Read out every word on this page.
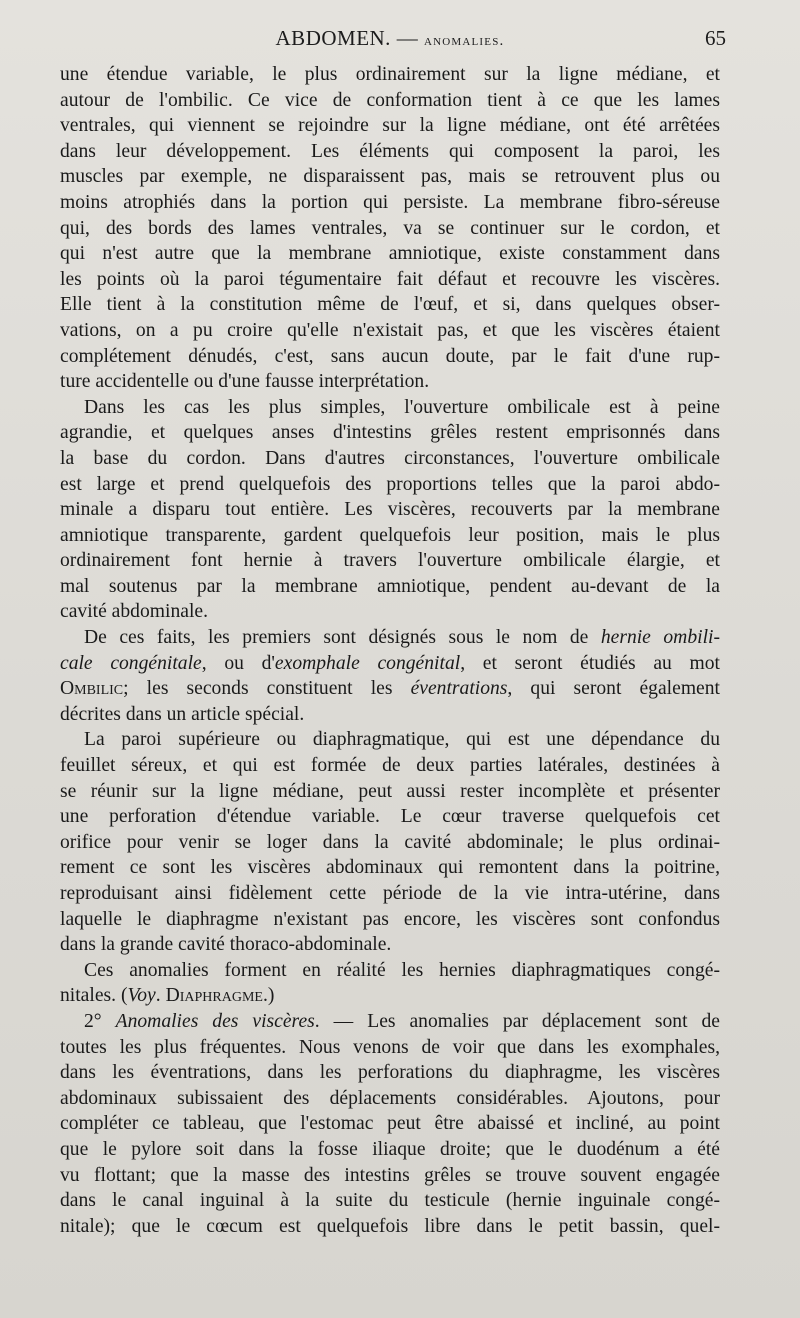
ABDOMEN. — anomalies.	65
une étendue variable, le plus ordinairement sur la ligne médiane, et
autour de l'ombilic. Ce vice de conformation tient à ce que les lames
ventrales, qui viennent se rejoindre sur la ligne médiane, ont été arrêtées
dans leur développement. Les éléments qui composent la paroi, les
muscles par exemple, ne disparaissent pas, mais se retrouvent plus ou
moins atrophiés dans la portion qui persiste. La membrane fibro-séreuse
qui, des bords des lames ventrales, va se continuer sur le cordon, et
qui n'est autre que la membrane amniotique, existe constamment dans
les points où la paroi tégumentaire fait défaut et recouvre les viscères.
Elle tient à la constitution même de l'œuf, et si, dans quelques obser-
vations, on a pu croire qu'elle n'existait pas, et que les viscères étaient
complétement dénudés, c'est, sans aucun doute, par le fait d'une rup-
ture accidentelle ou d'une fausse interprétation.
Dans les cas les plus simples, l'ouverture ombilicale est à peine
agrandie, et quelques anses d'intestins grêles restent emprisonnés dans
la base du cordon. Dans d'autres circonstances, l'ouverture ombilicale
est large et prend quelquefois des proportions telles que la paroi abdo-
minale a disparu tout entière. Les viscères, recouverts par la membrane
amniotique transparente, gardent quelquefois leur position, mais le plus
ordinairement font hernie à travers l'ouverture ombilicale élargie, et
mal soutenus par la membrane amniotique, pendent au-devant de la
cavité abdominale.
De ces faits, les premiers sont désignés sous le nom de hernie ombili-
cale congénitale, ou d'exomphale congénital, et seront étudiés au mot
Ombilic; les seconds constituent les éventrations, qui seront également
décrites dans un article spécial.
La paroi supérieure ou diaphragmatique, qui est une dépendance du
feuillet séreux, et qui est formée de deux parties latérales, destinées à
se réunir sur la ligne médiane, peut aussi rester incomplète et présenter
une perforation d'étendue variable. Le cœur traverse quelquefois cet
orifice pour venir se loger dans la cavité abdominale; le plus ordinai-
rement ce sont les viscères abdominaux qui remontent dans la poitrine,
reproduisant ainsi fidèlement cette période de la vie intra-utérine, dans
laquelle le diaphragme n'existant pas encore, les viscères sont confondus
dans la grande cavité thoraco-abdominale.
Ces anomalies forment en réalité les hernies diaphragmatiques congé-
nitales. (Voy. Diaphragme.)
2° Anomalies des viscères. — Les anomalies par déplacement sont de
toutes les plus fréquentes. Nous venons de voir que dans les exomphales,
dans les éventrations, dans les perforations du diaphragme, les viscères
abdominaux subissaient des déplacements considérables. Ajoutons, pour
compléter ce tableau, que l'estomac peut être abaissé et incliné, au point
que le pylore soit dans la fosse iliaque droite; que le duodénum a été
vu flottant; que la masse des intestins grêles se trouve souvent engagée
dans le canal inguinal à la suite du testicule (hernie inguinale congé-
nitale); que le cœcum est quelquefois libre dans le petit bassin, quel-
